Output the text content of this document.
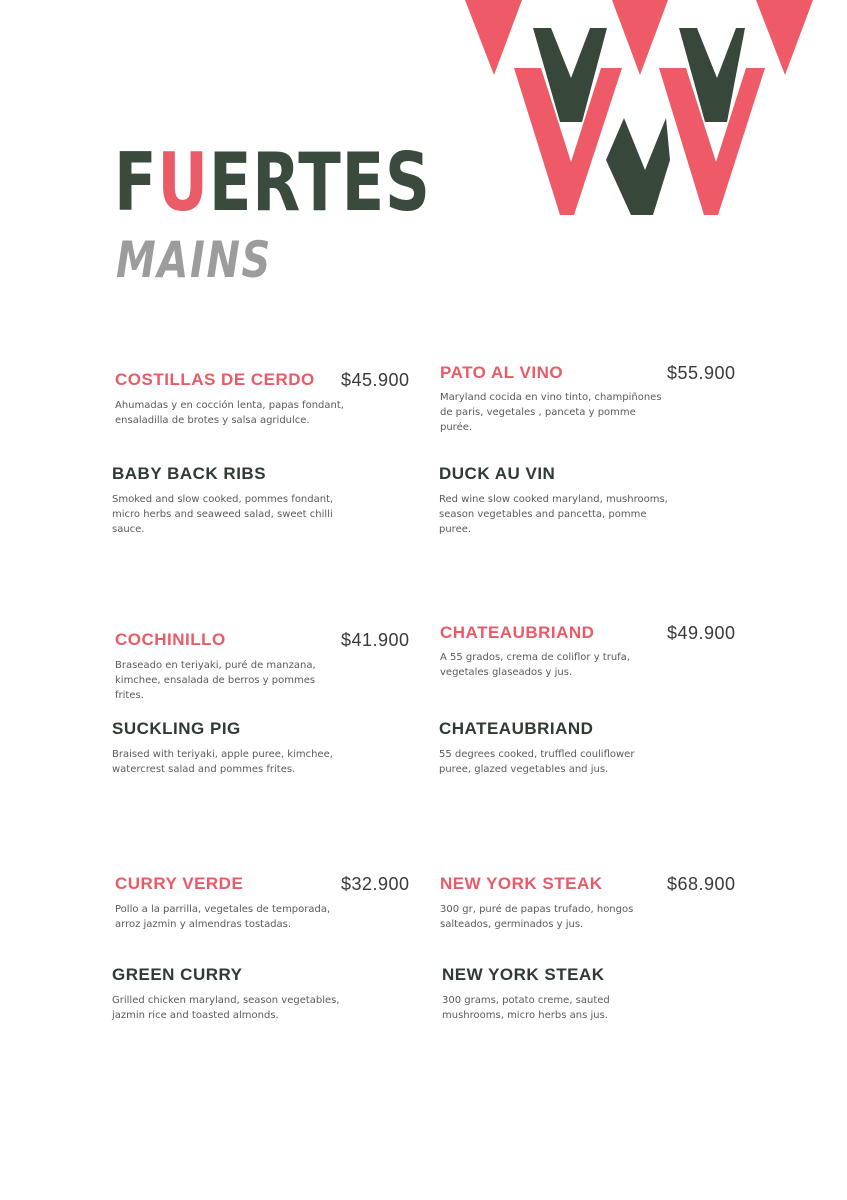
FUERTES
MAINS
COSTILLAS DE CERDO $45.900
Ahumadas y en cocción lenta, papas fondant, ensaladilla de brotes y salsa agridulce.
BABY BACK RIBS
Smoked and slow cooked, pommes fondant, micro herbs and seaweed salad, sweet chilli sauce.
PATO AL VINO	$55.900
Maryland cocida en vino tinto, champiñones de paris, vegetales , panceta y pomme purée.
DUCK AU VIN
Red wine slow cooked maryland, mushrooms, season vegetables and pancetta, pomme puree.
COCHINILLO	$41.900
Braseado en teriyaki, puré de manzana, kimchee, ensalada de berros y pommes frites.
SUCKLING PIG
Braised with teriyaki, apple puree, kimchee, watercrest salad and pommes frites.
CHATEAUBRIAND	$49.900
A 55 grados, crema de coliflor y trufa, vegetales glaseados y jus.
CHATEAUBRIAND
55 degrees cooked, truffled couliflower puree, glazed vegetables and jus.
CURRY VERDE	$32.900
Pollo a la parrilla, vegetales de temporada, arroz jazmin y almendras tostadas.
GREEN CURRY
Grilled chicken maryland, season vegetables, jazmin rice and toasted almonds.
NEW YORK STEAK	$68.900
300 gr, puré de papas trufado, hongos salteados, germinados y jus.
NEW YORK STEAK
300 grams, potato creme, sauted mushrooms, micro herbs ans jus.
